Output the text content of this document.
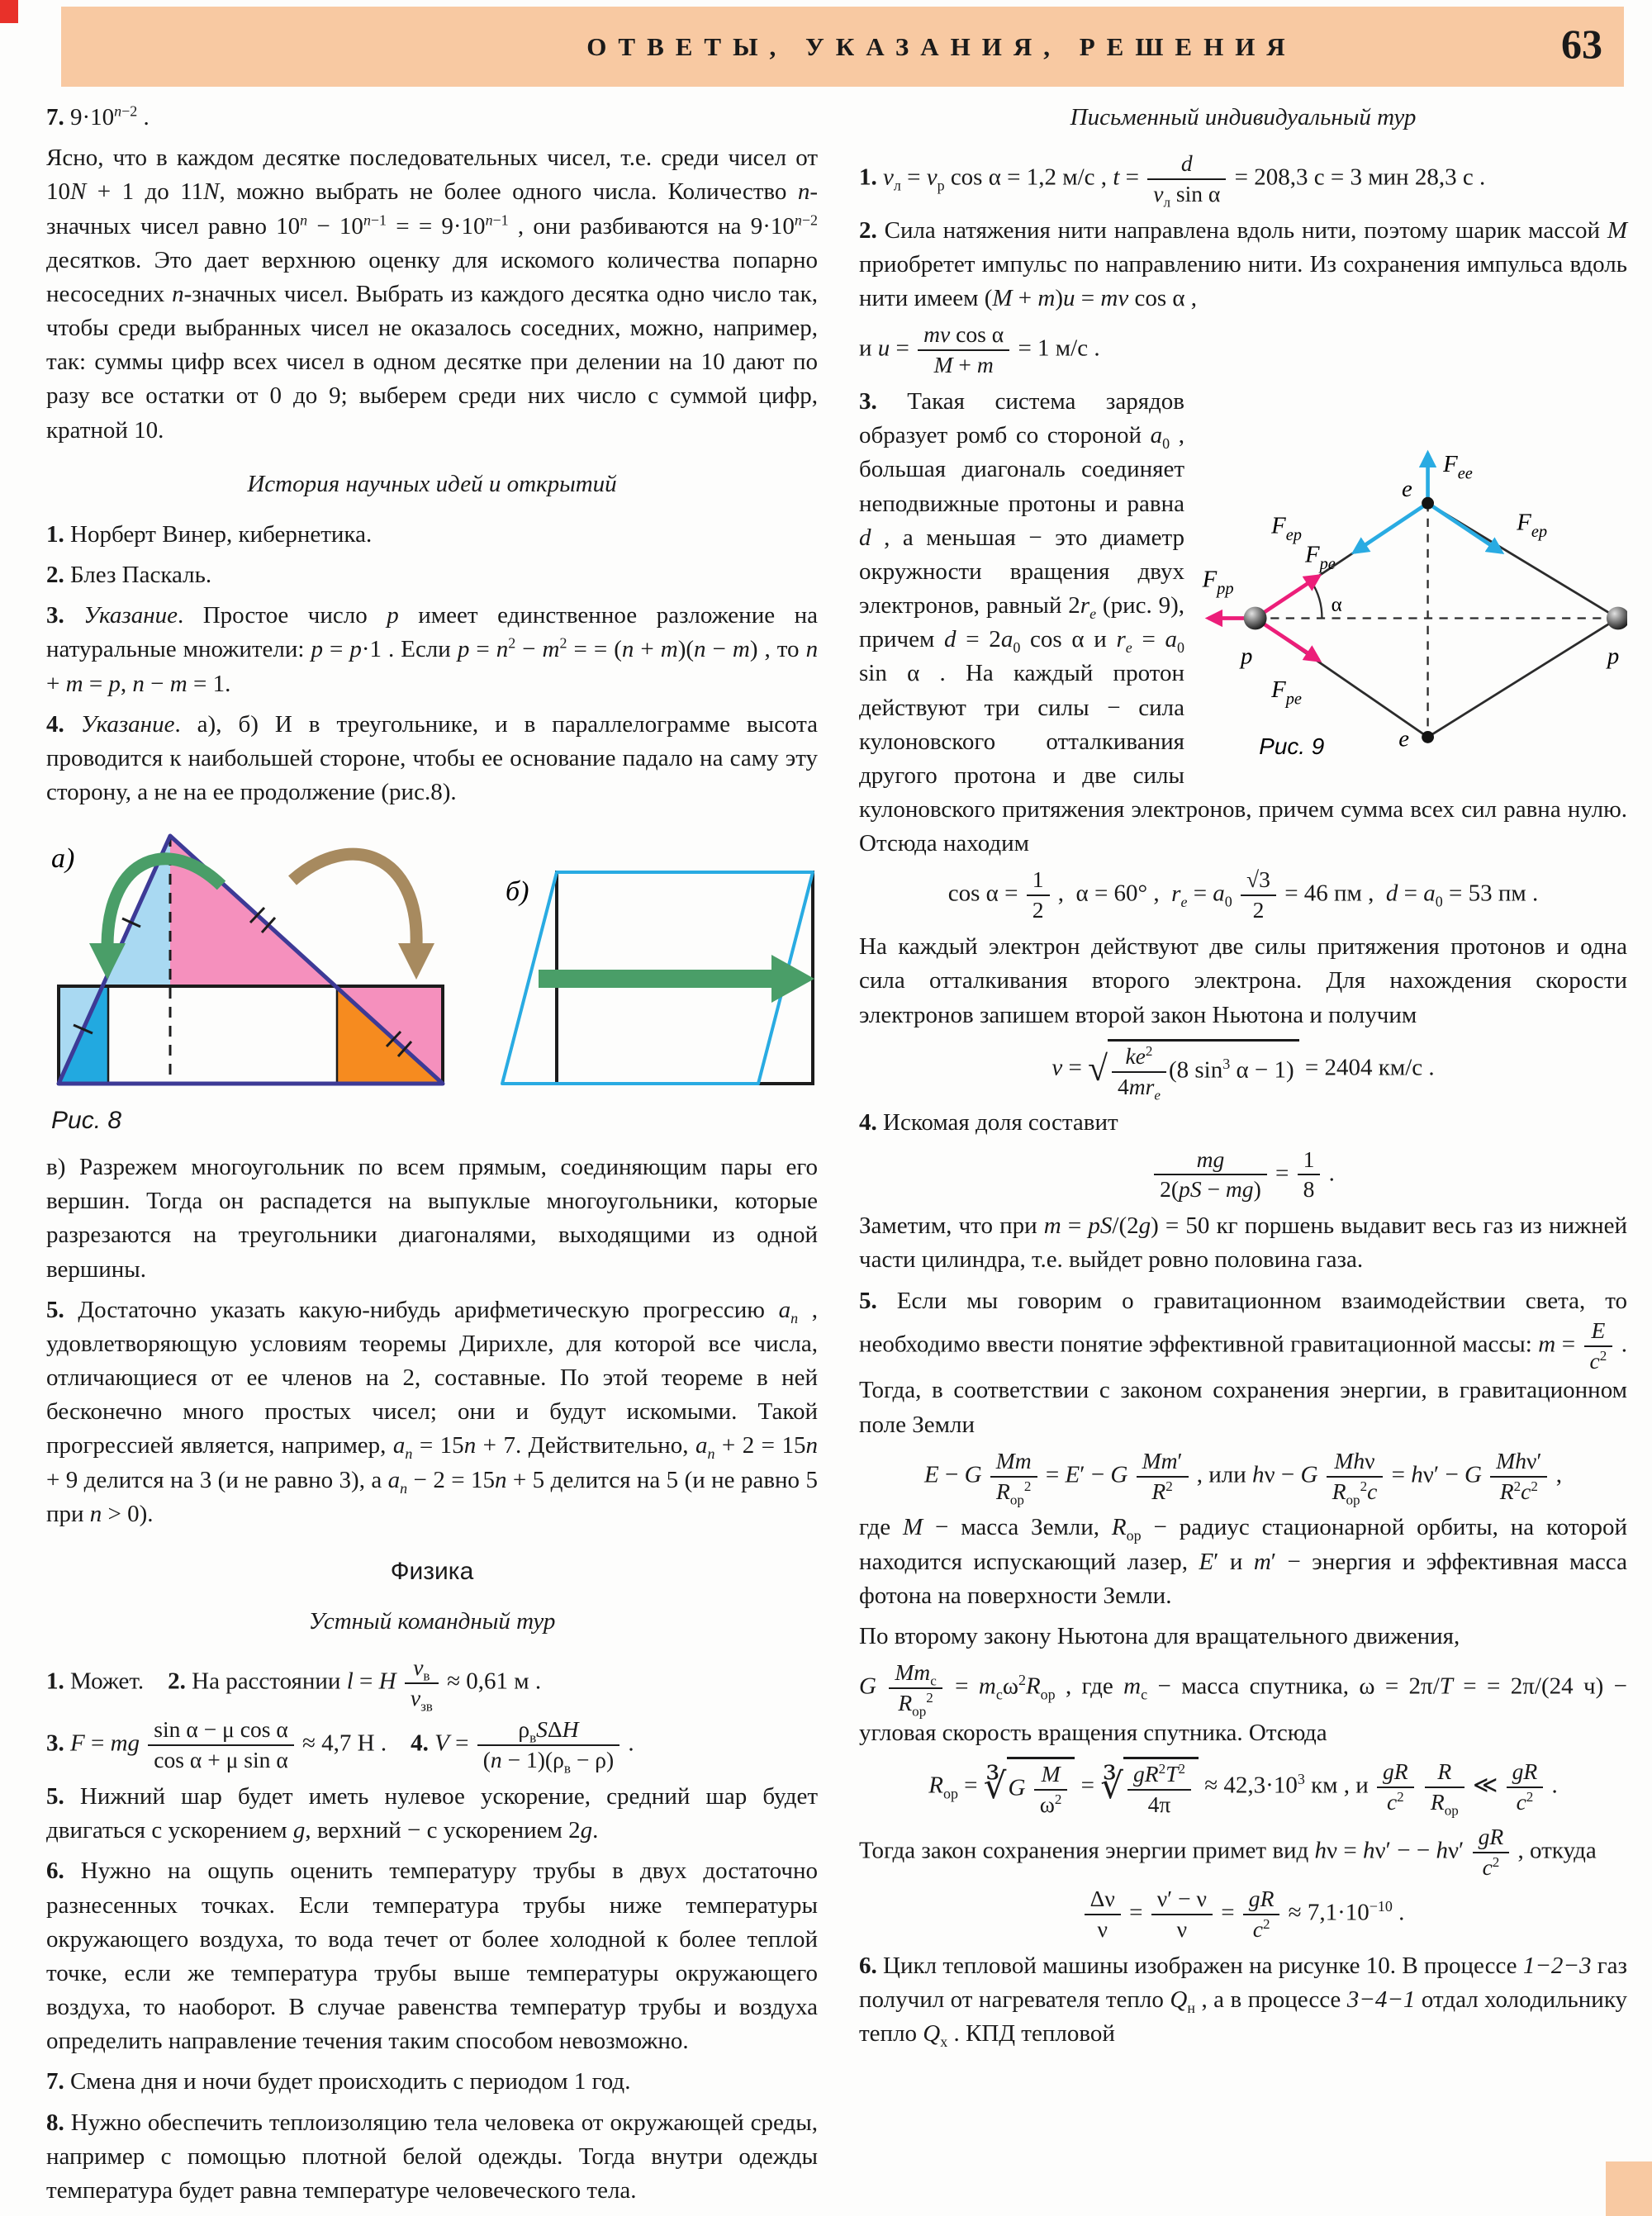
ОТВЕТЫ, УКАЗАНИЯ, РЕШЕНИЯ	63

7. $9\cdot 10^{n-2}$ .

Ясно, что в каждом десятке последовательных чисел, т.е. среди чисел от 10N + 1 до 11N, можно выбрать не более одного числа. Количество n-значных чисел равно $10^n - 10^{n-1}$ = = $9\cdot 10^{n-1}$ , они разбиваются на $9\cdot 10^{n-2}$ десятков. Это дает верхнюю оценку для искомого количества попарно несоседних n-значных чисел. Выбрать из каждого десятка одно число так, чтобы среди выбранных чисел не оказалось соседних, можно, например, так: суммы цифр всех чисел в одном десятке при делении на 10 дают по разу все остатки от 0 до 9; выберем среди них число с суммой цифр, кратной 10.

История научных идей и открытий

1. Норберт Винер, кибернетика.

2. Блез Паскаль.

3. Указание. Простое число p имеет единственное разложение на натуральные множители: p = p·1 . Если $p = n^2 - m^2$ = = (n + m)(n − m) , то n + m = p, n − m = 1.

4. Указание. а), б) И в треугольнике, и в параллелограмме высота проводится к наибольшей стороне, чтобы ее основание падало на саму эту сторону, а не на ее продолжение (рис.8).

а)
б)
Рис. 8

в) Разрежем многоугольник по всем прямым, соединяющим пары его вершин. Тогда он распадется на выпуклые многоугольники, которые разрезаются на треугольники диагоналями, выходящими из одной вершины.

5. Достаточно указать какую-нибудь арифметическую прогрессию $a_n$ , удовлетворяющую условиям теоремы Дирихле, для которой все числа, отличающиеся от ее членов на 2, составные. По этой теореме в ней бесконечно много простых чисел; они и будут искомыми. Такой прогрессией является, например, $a_n = 15n + 7$. Действительно, $a_n + 2 = 15n + 9$ делится на 3 (и не равно 3), а $a_n - 2 = 15n + 5$ делится на 5 (и не равно 5 при n > 0).

Физика
Устный командный тур

1. Может.    2. На расстоянии l = H
$v_в$
$v_{зв}$
≈ 0,61 м .

3. F = mg $\frac{\text{sin α − μ cos α}}{\text{cos α + μ sin α}} \approx 4,7$ Н .    4. V =
$\rho_вS\Delta H$
$(n - 1)(\rho_в - \rho)$
.

5. Нижний шар будет иметь нулевое ускорение, средний шар будет двигаться с ускорением g, верхний − с ускорением 2g.

6. Нужно на ощупь оценить температуру трубы в двух достаточно разнесенных точках. Если температура трубы ниже температуры окружающего воздуха, то вода течет от более холодной к более теплой точке, если же температура трубы выше температуры окружающего воздуха, то наоборот. В случае равенства температур трубы и воздуха определить направление течения таким способом невозможно.

7. Смена дня и ночи будет происходить с периодом 1 год.

8. Нужно обеспечить теплоизоляцию тела человека от окружающей среды, например с помощью плотной белой одежды. Тогда внутри одежды температура будет равна температуре человеческого тела.

Письменный индивидуальный тур

1. $v_л = v_р$ cos α = 1,2 м/с , t =
d
$v_л$ sin α
= 208,3 с = 3 мин 28,3 с .

2. Сила натяжения нити направлена вдоль нити, поэтому шарик массой M приобретет импульс по направлению нити. Из сохранения импульса вдоль нити имеем (M + m)u = mv cos α ,

и $u = \frac{\text{mv cos α}}{M + m} = 1$ м/с .

e
e
p	p
$F_{ee}$
$F_{ep}$	$F_{ep}$
$F_{pp}$
$F_{pe}$
$F_{pe}$
α
Рис. 9

3. Такая система зарядов образует ромб со стороной $a_0$ , большая диагональ соединяет неподвижные протоны и равна d , а меньшая − это диаметр окружности вращения двух электронов, равный $2r_e$ (рис. 9), причем $d = 2a_0$ cos α и $r_e = a_0$ sin α . На каждый протон действуют три силы − сила кулоновского отталкивания другого протона и две силы кулоновского притяжения электронов, причем сумма всех сил равна нулю. Отсюда находим

$\cos \alpha = \frac{1}{2}$ ,  α = 60° ,  $r_e = a_0 \frac{√3}{2} = 46$ пм ,  $d = a_0 = 53$ пм .

На каждый электрон действуют две силы притяжения протонов и одна сила отталкивания второго электрона. Для нахождения скорости электронов запишем второй закон Ньютона и получим

v = √ $ke^2$
$4mr_e$
(8 $\sin^3 \alpha - 1) = 2404$ км/с .

4. Искомая доля составит

$\frac{mg}{2(pS - mg)} = \frac{1}{8}$ .

Заметим, что при m = pS/(2g) = 50 кг поршень выдавит весь газ из нижней части цилиндра, т.е. выйдет ровно половина газа.

5. Если мы говорим о гравитационном взаимодействии света, то необходимо ввести понятие эффективной гравитационной массы: $m = \frac{E}{c^2}$ . Тогда, в соответствии с законом сохранения энергии, в гравитационном поле Земли

E − G
Mm
$R_{ор}^2 = E' - G \frac{Mm'}{R^2}$ , или hν − G
Mhν
$R_{ор}^2c$
= hν′ − G
Mhν′
$R^2c^2$ ,

где M − масса Земли, $R_{ор}$ − радиус стационарной орбиты, на которой находится испускающий лазер, E′ и m′ − энергия и эффективная масса фотона на поверхности Земли.

По второму закону Ньютона для вращательного движения,

G
$Mm_с$
$R_{ор}^2 = m_с\omega^2R_{ор}$ , где $m_с$ − масса спутника, ω = 2π/T = = 2π/(24 ч) − угловая скорость вращения спутника. Отсюда

$R_{ор}$ = ∛G $\frac{M}{\omega^2}$ = ∛ $\frac{gR^2T^2}{4\pi} \approx 42,3\cdot 10^3$ км , и $\frac{gR}{c^2}$
	R
$R_{ор}$
≪ $\frac{gR}{c^2}$ .

Тогда закон сохранения энергии примет вид hν = hν′ − − $h\nu' \frac{gR}{c^2}$ , откуда

$\frac{\Delta\nu}{\nu} = \frac{\nu' - \nu}{\nu} = \frac{gR}{c^2} \approx 7,1\cdot 10^{-10}$ .

6. Цикл тепловой машины изображен на рисунке 10. В процессе 1−2−3 газ получил от нагревателя тепло $Q_н$ , а в процессе 3−4−1 отдал холодильнику тепло $Q_х$ . КПД тепловой
